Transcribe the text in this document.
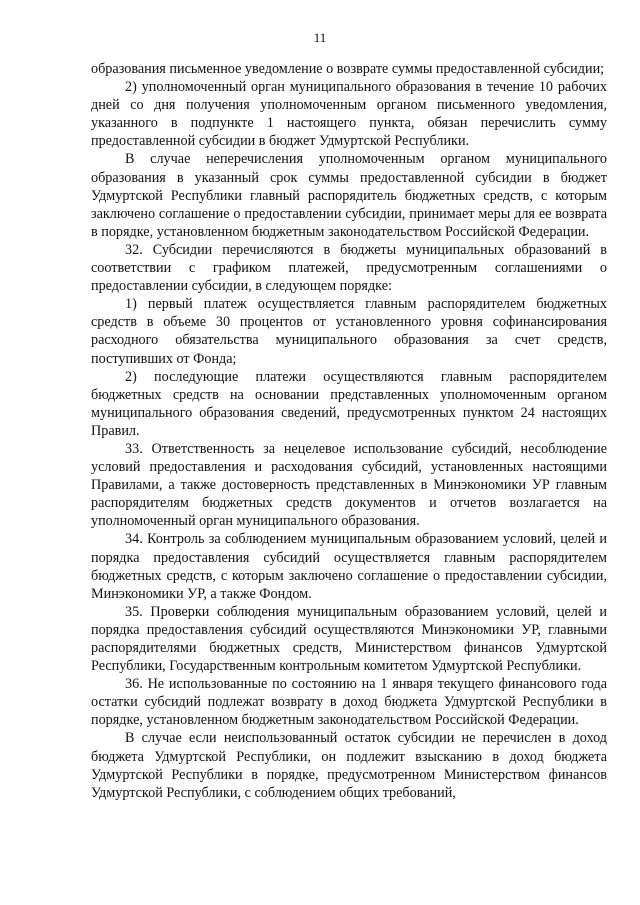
11

образования письменное уведомление о возврате суммы предоставленной субсидии;

2) уполномоченный орган муниципального образования в течение 10 рабочих дней со дня получения уполномоченным органом письменного уведомления, указанного в подпункте 1 настоящего пункта, обязан перечислить сумму предоставленной субсидии в бюджет Удмуртской Республики.

В случае неперечисления уполномоченным органом муниципального образования в указанный срок суммы предоставленной субсидии в бюджет Удмуртской Республики главный распорядитель бюджетных средств, с которым заключено соглашение о предоставлении субсидии, принимает меры для ее возврата в порядке, установленном бюджетным законодательством Российской Федерации.

32. Субсидии перечисляются в бюджеты муниципальных образований в соответствии с графиком платежей, предусмотренным соглашениями о предоставлении субсидии, в следующем порядке:

1) первый платеж осуществляется главным распорядителем бюджетных средств в объеме 30 процентов от установленного уровня софинансирования расходного обязательства муниципального образования за счет средств, поступивших от Фонда;

2) последующие платежи осуществляются главным распорядителем бюджетных средств на основании представленных уполномоченным органом муниципального образования сведений, предусмотренных пунктом 24 настоящих Правил.

33. Ответственность за нецелевое использование субсидий, несоблюдение условий предоставления и расходования субсидий, установленных настоящими Правилами, а также достоверность представленных в Минэкономики УР главным распорядителям бюджетных средств документов и отчетов возлагается на уполномоченный орган муниципального образования.

34. Контроль за соблюдением муниципальным образованием условий, целей и порядка предоставления субсидий осуществляется главным распорядителем бюджетных средств, с которым заключено соглашение о предоставлении субсидии, Минэкономики УР, а также Фондом.

35. Проверки соблюдения муниципальным образованием условий, целей и порядка предоставления субсидий осуществляются Минэкономики УР, главными распорядителями бюджетных средств, Министерством финансов Удмуртской Республики, Государственным контрольным комитетом Удмуртской Республики.

36. Не использованные по состоянию на 1 января текущего финансового года остатки субсидий подлежат возврату в доход бюджета Удмуртской Республики в порядке, установленном бюджетным законодательством Российской Федерации.

В случае если неиспользованный остаток субсидии не перечислен в доход бюджета Удмуртской Республики, он подлежит взысканию в доход бюджета Удмуртской Республики в порядке, предусмотренном Министерством финансов Удмуртской Республики, с соблюдением общих требований,
